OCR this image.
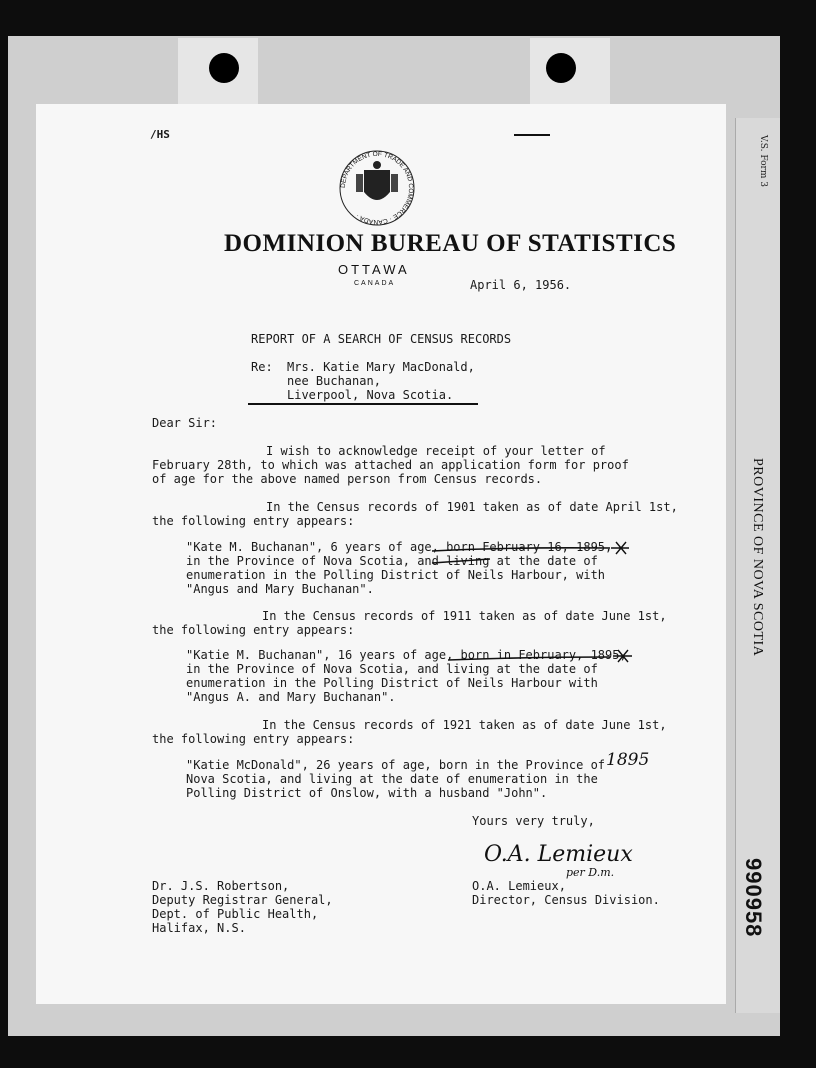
V.S. Form 3
PROVINCE OF NOVA SCOTIA
990958
/HS
DEPARTMENT OF TRADE AND COMMERCE · CANADA ·
DOMINION BUREAU OF STATISTICS
OTTAWA
CANADA	April 6, 1956.
REPORT OF A SEARCH OF CENSUS RECORDS
Re: Mrs. Katie Mary MacDonald,
nee Buchanan,
Liverpool, Nova Scotia.
Dear Sir:
I wish to acknowledge receipt of your letter of
February 28th, to which was attached an application form for proof
of age for the above named person from Census records.
In the Census records of 1901 taken as of date April 1st,
the following entry appears:
"Kate M. Buchanan", 6 years of age, born February 16, 1895,
in the Province of Nova Scotia, and living at the date of
enumeration in the Polling District of Neils Harbour, with
"Angus and Mary Buchanan".
In the Census records of 1911 taken as of date June 1st,
the following entry appears:
"Katie M. Buchanan", 16 years of age, born in February, 1895,
in the Province of Nova Scotia, and living at the date of
enumeration in the Polling District of Neils Harbour with
"Angus A. and Mary Buchanan".
In the Census records of 1921 taken as of date June 1st,
the following entry appears:
"Katie McDonald", 26 years of age, born in the Province of
Nova Scotia, and living at the date of enumeration in the
Polling District of Onslow, with a husband "John".
1895
Yours very truly,
O.A. Lemieux
per D.m.
O.A. Lemieux,
Director, Census Division.
Dr. J.S. Robertson,
Deputy Registrar General,
Dept. of Public Health,
Halifax, N.S.
